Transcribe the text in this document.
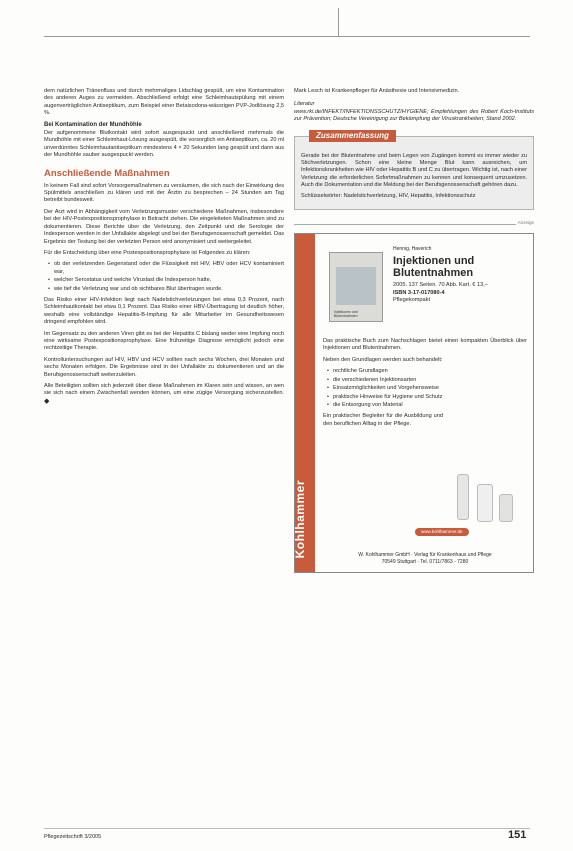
dem natürlichen Tränenfluss und durch mehrmaliges Lidschlag gespült, um eine Kontamination des anderen Auges zu vermeiden. Abschließend erfolgt eine Schleimhautspülung mit einem augenverträglichen Antiseptikum, zum Beispiel einer Betaisodona-wässrigen PVP-Jodlösung 2,5 %.

Bei Kontamination der Mundhöhle

Der aufgenommene Blutkontakt wird sofort ausgespuckt und anschließend mehrmals die Mundhöhle mit einer Schleimhaut-Lösung ausgespült, die vorsorglich ein Antiseptikum, ca. 20 ml unverdünntes Schleimhautantiseptikum mindestens 4 × 20 Sekunden lang gespült und dann aus der Mundhöhle sauber ausgespuckt werden.

Anschließende Maßnahmen

In keinem Fall sind sofort Vorsorgemaßnahmen zu versäumen, die sich nach der Einwirkung des Spülmittels anschließen zu klären und mit der Ärztin zu besprechen – 24 Stunden am Tag betreibt bundesweit.

Der Arzt wird in Abhängigkeit vom Verletzungsmuster verschiedene Maßnahmen, insbesondere bei der HIV-Postexpositionsprophylaxe in Betracht ziehen. Die eingeleiteten Maßnahmen sind zu dokumentieren. Diese Berichte über die Verletzung, den Zeitpunkt und die Serologie der Indexperson werden in der Unfallakte abgelegt und bei der Berufsgenossenschaft gemeldet. Das Ergebnis der Testung bei der verletzten Person wird anonymisiert und weitergeleitet.

Für die Entscheidung über eine Postexpositionsprophylaxe ist Folgendes zu klären:

• ob der verletzenden Gegenstand oder die Flüssigkeit mit HIV, HBV oder HCV kontaminiert war,
• welcher Serostatus und welche Viruslast die Indexperson hatte,
• wie tief die Verletzung war und ob sichtbares Blut übertragen wurde.

Das Risiko einer HIV-Infektion liegt nach Nadelstichverletzungen bei etwa 0,3 Prozent, nach Schleimhautkontakt bei etwa 0,1 Prozent. Das Risiko einer HBV-Übertragung ist deutlich höher, weshalb eine vollständige Hepatitis-B-Impfung für alle Mitarbeiter im Gesundheitswesen dringend empfohlen wird.

Im Gegensatz zu den anderen Viren gibt es bei der Hepatitis C bislang weder eine Impfung noch eine wirksame Postexpositionsprophylaxe. Eine frühzeitige Diagnose ermöglicht jedoch eine rechtzeitige Therapie.

Kontrolluntersuchungen auf HIV, HBV und HCV sollten nach sechs Wochen, drei Monaten und sechs Monaten erfolgen. Die Ergebnisse sind in der Unfallakte zu dokumentieren und an die Berufsgenossenschaft weiterzuleiten.

Alle Beteiligten sollten sich jederzeit über diese Maßnahmen im Klaren sein und wissen, an wen sie sich nach einem Zwischenfall wenden können, um eine zügige Versorgung sicherzustellen. ◆

Mark Lesch ist Krankenpfleger für Anästhesie und Intensivmedizin.

Literatur

www.rki.de/INFEKT/INFEKTIONSSCHUTZ/HYGIENE; Empfehlungen des Robert Koch-Instituts zur Prävention; Deutsche Vereinigung zur Bekämpfung der Viruskrankheiten; Stand 2002.

Zusammenfassung

Gerade bei der Blutentnahme und beim Legen von Zugängen kommt es immer wieder zu Stichverletzungen. Schon eine kleine Menge Blut kann ausreichen, um Infektionskrankheiten wie HIV oder Hepatitis B und C zu übertragen. Wichtig ist, nach einer Verletzung die erforderlichen Sofortmaßnahmen zu kennen und konsequent umzusetzen. Auch die Dokumentation und die Meldung bei der Berufsgenossenschaft gehören dazu.

Schlüsselwörter: Nadelstichverletzung, HIV, Hepatitis, Infektionsschutz

Anzeige
Kohlhammer
Injektionen und Blutentnahmen
Hennig, Haverich
Injektionen und Blutentnahmen
2005. 137 Seiten. 70 Abb. Kart. € 13,–
ISBN 3-17-017080-4
Pflegekompakt

Das praktische Buch zum Nachschlagen bietet einen kompakten Überblick über Injektionen und Blutentnahmen.

Neben den Grundlagen werden auch behandelt:

• rechtliche Grundlagen
• die verschiedenen Injektionsarten
• Einsatzmöglichkeiten und Vorgehensweise
• praktische Hinweise für Hygiene und Schutz
• die Entsorgung von Material

Ein praktischer Begleiter für die Ausbildung und den beruflichen Alltag in der Pflege.

www.kohlhammer.de
W. Kohlhammer GmbH · Verlag für Krankenhaus und Pflege
70549 Stuttgart · Tel. 0711/7863 - 7280
Pflegezeitschrift 3/2005	151
